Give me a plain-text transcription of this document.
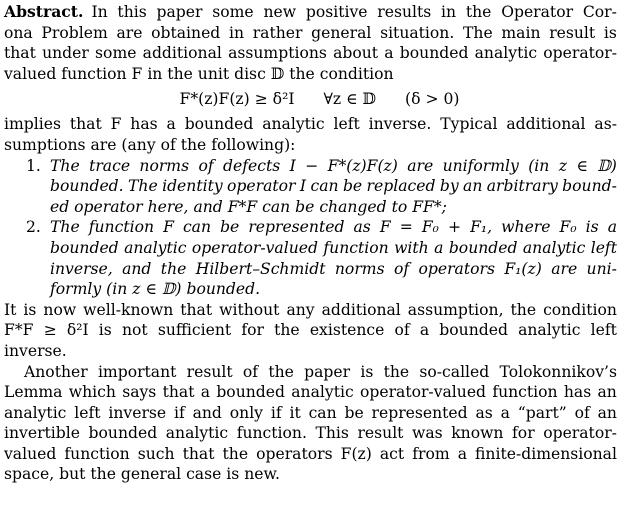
Abstract. In this paper some new positive results in the Operator Cor-
ona Problem are obtained in rather general situation. The main result is
that under some additional assumptions about a bounded analytic operator-
valued function F in the unit disc 𝔻 the condition
F*(z)F(z) ≥ δ²I ∀z ∈ 𝔻 (δ > 0)
implies that F has a bounded analytic left inverse. Typical additional as-
sumptions are (any of the following):
1. The trace norms of defects I − F*(z)F(z) are uniformly (in z ∈ 𝔻)
bounded. The identity operator I can be replaced by an arbitrary bound-
ed operator here, and F*F can be changed to FF*;
2. The function F can be represented as F = F₀ + F₁, where F₀ is a
bounded analytic operator-valued function with a bounded analytic left
inverse, and the Hilbert–Schmidt norms of operators F₁(z) are uni-
formly (in z ∈ 𝔻) bounded.
It is now well-known that without any additional assumption, the condition
F*F ≥ δ²I is not sufficient for the existence of a bounded analytic left
inverse.
Another important result of the paper is the so-called Tolokonnikov’s
Lemma which says that a bounded analytic operator-valued function has an
analytic left inverse if and only if it can be represented as a “part” of an
invertible bounded analytic function. This result was known for operator-
valued function such that the operators F(z) act from a finite-dimensional
space, but the general case is new.
